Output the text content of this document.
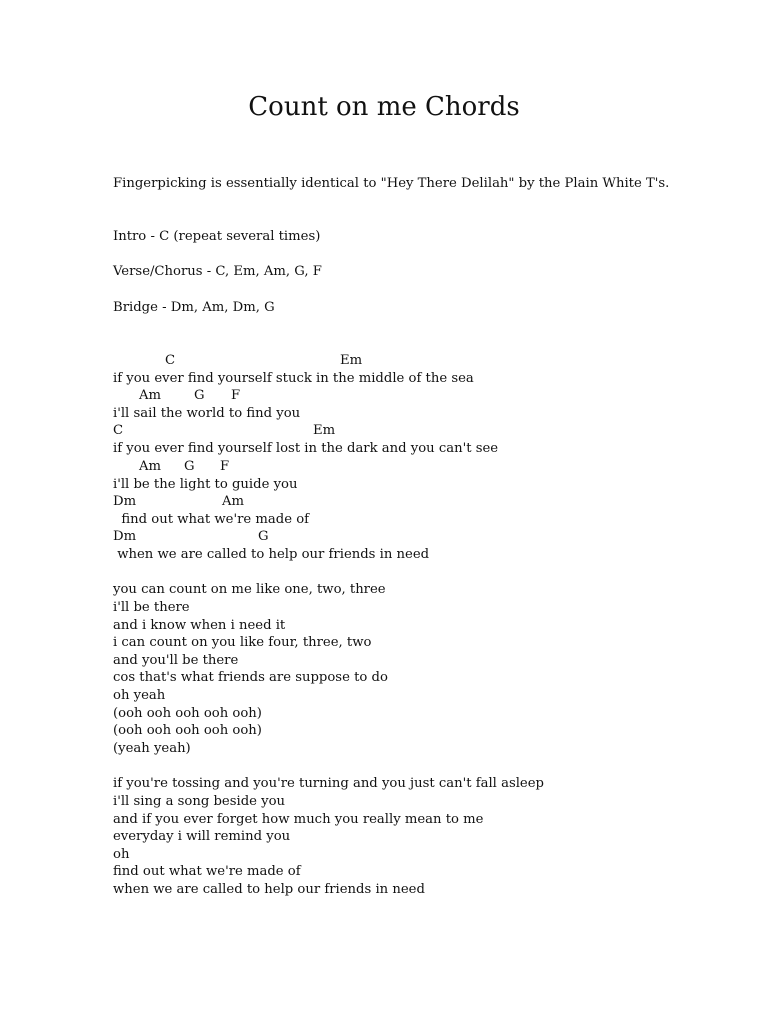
Count on me Chords
Fingerpicking is essentially identical to "Hey There Delilah" by the Plain White T's.
Intro - C (repeat several times)
Verse/Chorus - C, Em, Am, G, F
Bridge - Dm, Am, Dm, G
C	Em
if you ever find yourself stuck in the middle of the sea
Am G F
i'll sail the world to find you
C	Em
if you ever find yourself lost in the dark and you can't see
Am G F
i'll be the light to guide you
Dm	Am
find out what we're made of
Dm	G
when we are called to help our friends in need
you can count on me like one, two, three
i'll be there
and i know when i need it
i can count on you like four, three, two
and you'll be there
cos that's what friends are suppose to do
oh yeah
(ooh ooh ooh ooh ooh)
(ooh ooh ooh ooh ooh)
(yeah yeah)
if you're tossing and you're turning and you just can't fall asleep
i'll sing a song beside you
and if you ever forget how much you really mean to me
everyday i will remind you
oh
find out what we're made of
when we are called to help our friends in need
